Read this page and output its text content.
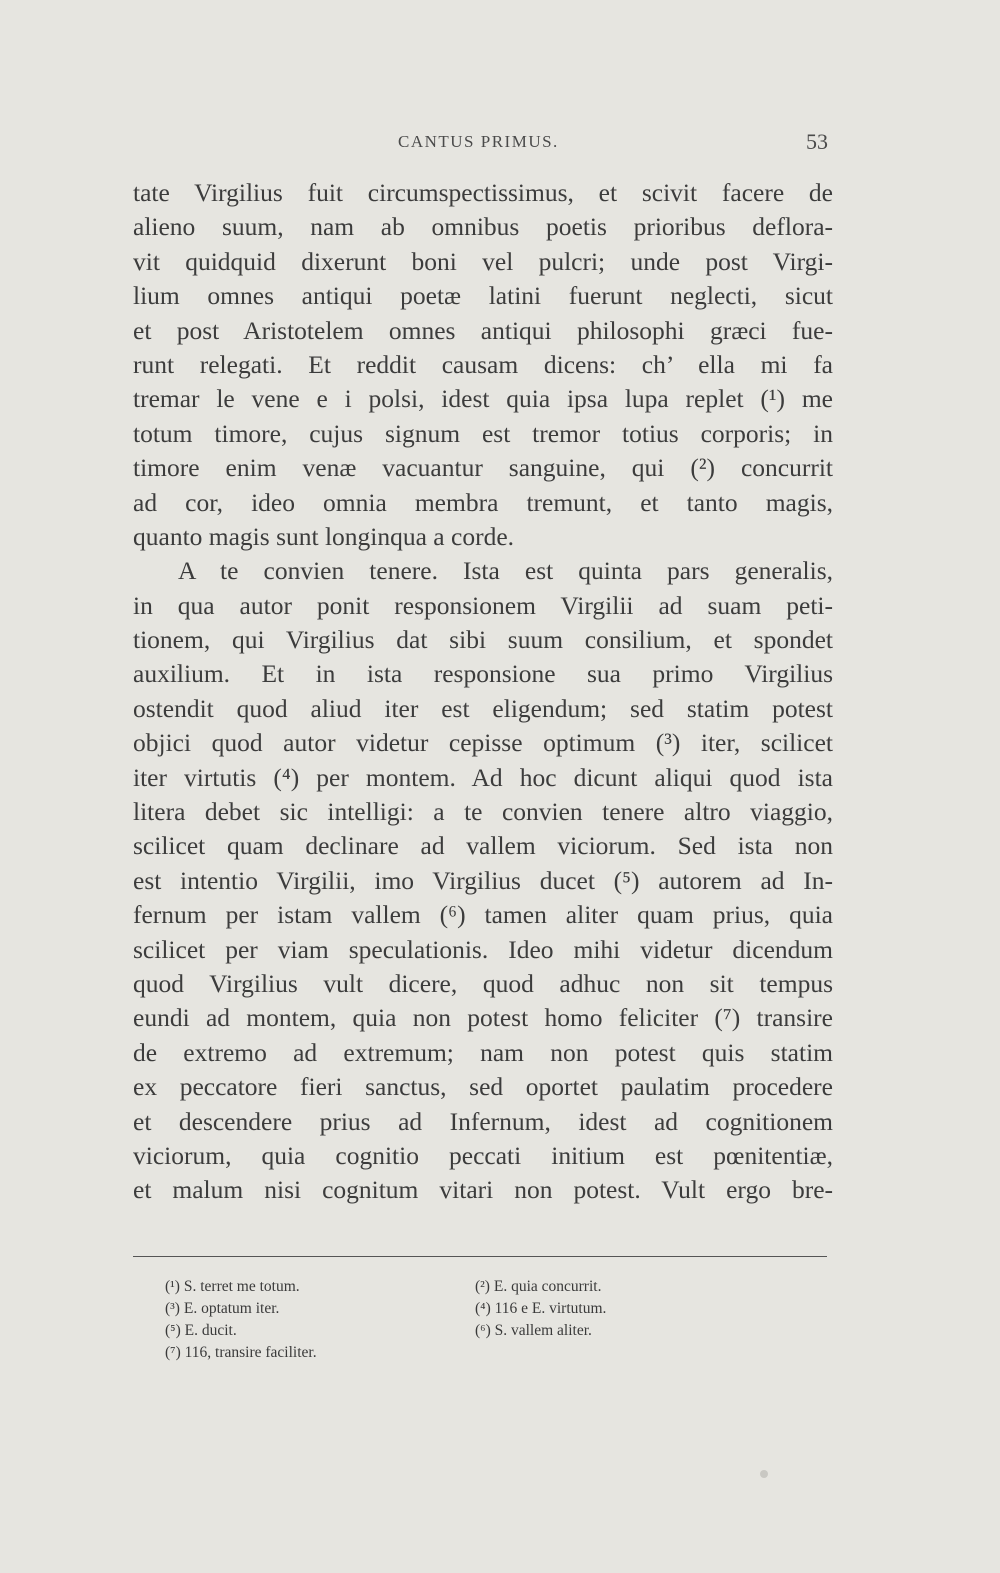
CANTUS PRIMUS.	53
tate Virgilius fuit circumspectissimus, et scivit facere de
alieno suum, nam ab omnibus poetis prioribus deflora-
vit quidquid dixerunt boni vel pulcri; unde post Virgi-
lium omnes antiqui poetæ latini fuerunt neglecti, sicut
et post Aristotelem omnes antiqui philosophi græci fue-
runt relegati. Et reddit causam dicens: ch’ ella mi fa
tremar le vene e i polsi, idest quia ipsa lupa replet (¹) me
totum timore, cujus signum est tremor totius corporis; in
timore enim venæ vacuantur sanguine, qui (²) concurrit
ad cor, ideo omnia membra tremunt, et tanto magis,
quanto magis sunt longinqua a corde.
A te convien tenere. Ista est quinta pars generalis,
in qua autor ponit responsionem Virgilii ad suam peti-
tionem, qui Virgilius dat sibi suum consilium, et spondet
auxilium. Et in ista responsione sua primo Virgilius
ostendit quod aliud iter est eligendum; sed statim potest
objici quod autor videtur cepisse optimum (³) iter, scilicet
iter virtutis (⁴) per montem. Ad hoc dicunt aliqui quod ista
litera debet sic intelligi: a te convien tenere altro viaggio,
scilicet quam declinare ad vallem viciorum. Sed ista non
est intentio Virgilii, imo Virgilius ducet (⁵) autorem ad In-
fernum per istam vallem (⁶) tamen aliter quam prius, quia
scilicet per viam speculationis. Ideo mihi videtur dicendum
quod Virgilius vult dicere, quod adhuc non sit tempus
eundi ad montem, quia non potest homo feliciter (⁷) transire
de extremo ad extremum; nam non potest quis statim
ex peccatore fieri sanctus, sed oportet paulatim procedere
et descendere prius ad Infernum, idest ad cognitionem
viciorum, quia cognitio peccati initium est pœnitentiæ,
et malum nisi cognitum vitari non potest. Vult ergo bre-
(¹) S. terret me totum.	(²) E. quia concurrit.
(³) E. optatum iter.	(⁴) 116 e E. virtutum.
(⁵) E. ducit.	(⁶) S. vallem aliter.
(⁷) 116, transire faciliter.
